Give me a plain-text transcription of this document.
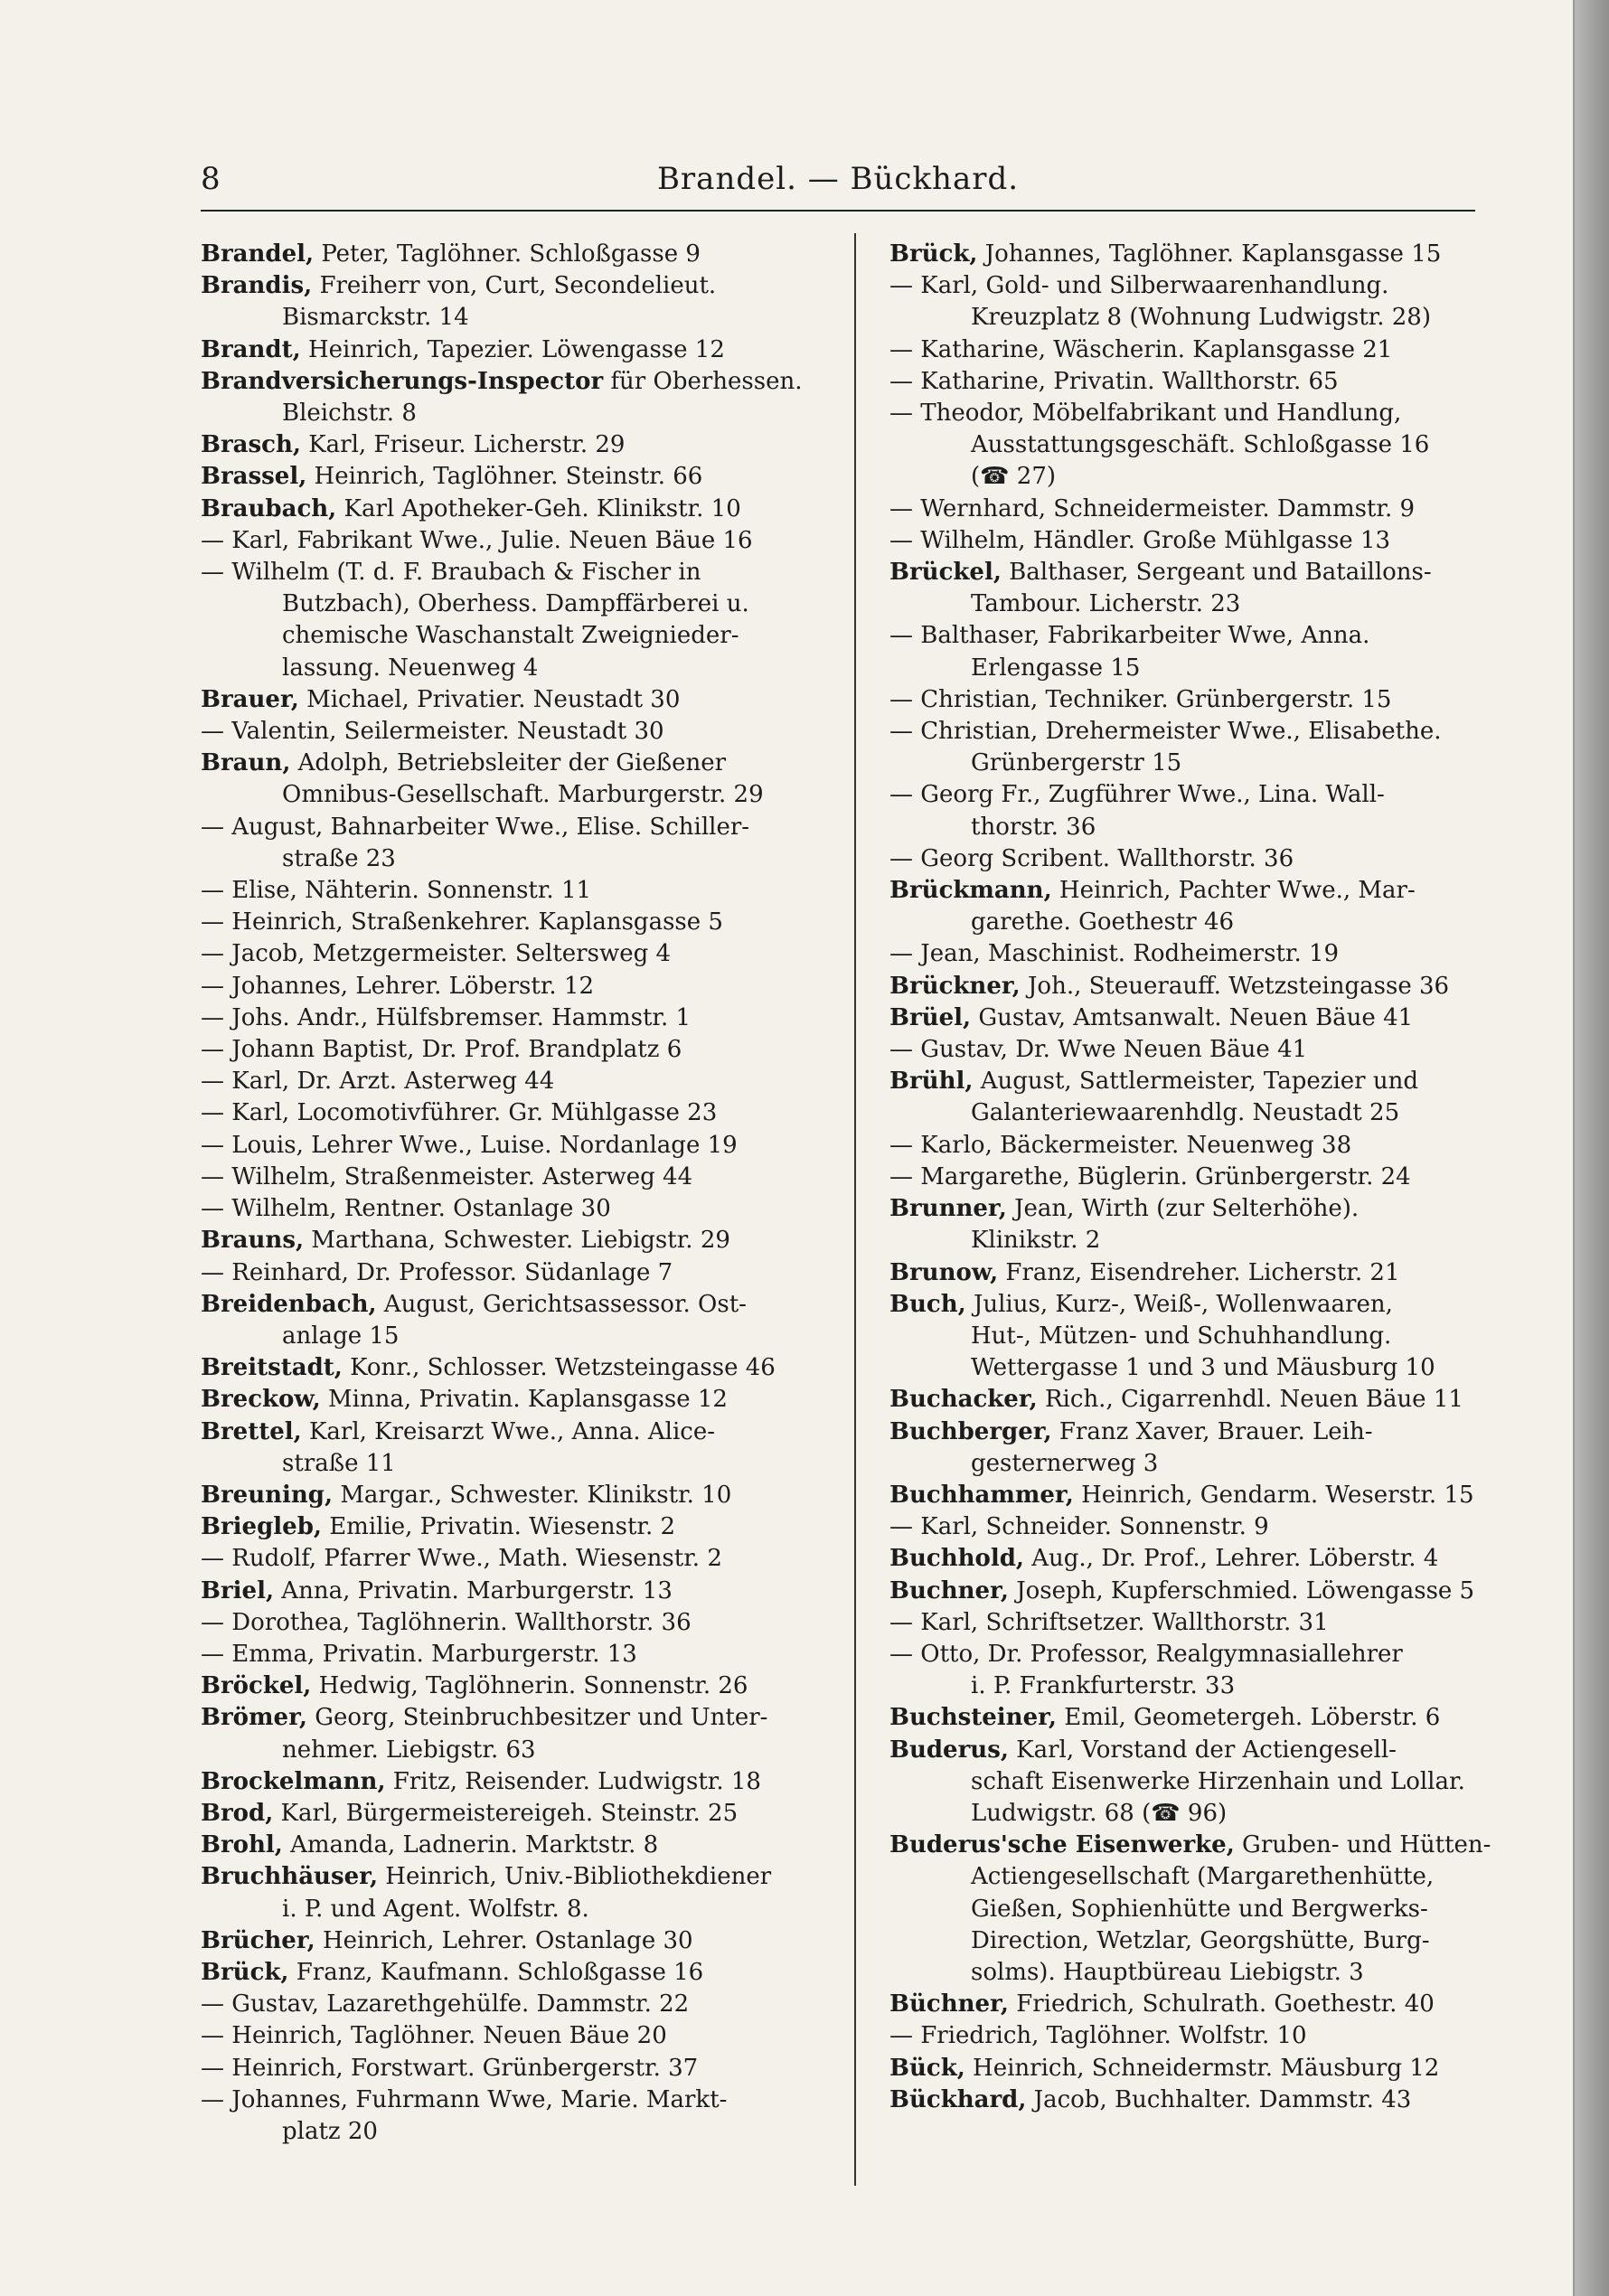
8	Brandel. — Bückhard.
Brandel, Peter, Taglöhner. Schloßgasse 9
Brandis, Freiherr von, Curt, Secondelieut.
Bismarckstr. 14
Brandt, Heinrich, Tapezier. Löwengasse 12
Brandversicherungs-Inspector für Oberhessen.
Bleichstr. 8
Brasch, Karl, Friseur. Licherstr. 29
Brassel, Heinrich, Taglöhner. Steinstr. 66
Braubach, Karl Apotheker-Geh. Klinikstr. 10
— Karl, Fabrikant Wwe., Julie. Neuen Bäue 16
— Wilhelm (T. d. F. Braubach & Fischer in
Butzbach), Oberhess. Dampffärberei u.
chemische Waschanstalt Zweignieder-
lassung. Neuenweg 4
Brauer, Michael, Privatier. Neustadt 30
— Valentin, Seilermeister. Neustadt 30
Braun, Adolph, Betriebsleiter der Gießener
Omnibus-Gesellschaft. Marburgerstr. 29
— August, Bahnarbeiter Wwe., Elise. Schiller-
straße 23
— Elise, Nähterin. Sonnenstr. 11
— Heinrich, Straßenkehrer. Kaplansgasse 5
— Jacob, Metzgermeister. Seltersweg 4
— Johannes, Lehrer. Löberstr. 12
— Johs. Andr., Hülfsbremser. Hammstr. 1
— Johann Baptist, Dr. Prof. Brandplatz 6
— Karl, Dr. Arzt. Asterweg 44
— Karl, Locomotivführer. Gr. Mühlgasse 23
— Louis, Lehrer Wwe., Luise. Nordanlage 19
— Wilhelm, Straßenmeister. Asterweg 44
— Wilhelm, Rentner. Ostanlage 30
Brauns, Marthana, Schwester. Liebigstr. 29
— Reinhard, Dr. Professor. Südanlage 7
Breidenbach, August, Gerichtsassessor. Ost-
anlage 15
Breitstadt, Konr., Schlosser. Wetzsteingasse 46
Breckow, Minna, Privatin. Kaplansgasse 12
Brettel, Karl, Kreisarzt Wwe., Anna. Alice-
straße 11
Breuning, Margar., Schwester. Klinikstr. 10
Briegleb, Emilie, Privatin. Wiesenstr. 2
— Rudolf, Pfarrer Wwe., Math. Wiesenstr. 2
Briel, Anna, Privatin. Marburgerstr. 13
— Dorothea, Taglöhnerin. Wallthorstr. 36
— Emma, Privatin. Marburgerstr. 13
Bröckel, Hedwig, Taglöhnerin. Sonnenstr. 26
Brömer, Georg, Steinbruchbesitzer und Unter-
nehmer. Liebigstr. 63
Brockelmann, Fritz, Reisender. Ludwigstr. 18
Brod, Karl, Bürgermeistereigeh. Steinstr. 25
Brohl, Amanda, Ladnerin. Marktstr. 8
Bruchhäuser, Heinrich, Univ.-Bibliothekdiener
i. P. und Agent. Wolfstr. 8.
Brücher, Heinrich, Lehrer. Ostanlage 30
Brück, Franz, Kaufmann. Schloßgasse 16
— Gustav, Lazarethgehülfe. Dammstr. 22
— Heinrich, Taglöhner. Neuen Bäue 20
— Heinrich, Forstwart. Grünbergerstr. 37
— Johannes, Fuhrmann Wwe, Marie. Markt-
platz 20
Brück, Johannes, Taglöhner. Kaplansgasse 15
— Karl, Gold- und Silberwaarenhandlung.
Kreuzplatz 8 (Wohnung Ludwigstr. 28)
— Katharine, Wäscherin. Kaplansgasse 21
— Katharine, Privatin. Wallthorstr. 65
— Theodor, Möbelfabrikant und Handlung,
Ausstattungsgeschäft. Schloßgasse 16
(☎ 27)
— Wernhard, Schneidermeister. Dammstr. 9
— Wilhelm, Händler. Große Mühlgasse 13
Brückel, Balthaser, Sergeant und Bataillons-
Tambour. Licherstr. 23
— Balthaser, Fabrikarbeiter Wwe, Anna.
Erlengasse 15
— Christian, Techniker. Grünbergerstr. 15
— Christian, Drehermeister Wwe., Elisabethe.
Grünbergerstr 15
— Georg Fr., Zugführer Wwe., Lina. Wall-
thorstr. 36
— Georg Scribent. Wallthorstr. 36
Brückmann, Heinrich, Pachter Wwe., Mar-
garethe. Goethestr 46
— Jean, Maschinist. Rodheimerstr. 19
Brückner, Joh., Steuerauff. Wetzsteingasse 36
Brüel, Gustav, Amtsanwalt. Neuen Bäue 41
— Gustav, Dr. Wwe Neuen Bäue 41
Brühl, August, Sattlermeister, Tapezier und
Galanteriewaarenhdlg. Neustadt 25
— Karlo, Bäckermeister. Neuenweg 38
— Margarethe, Büglerin. Grünbergerstr. 24
Brunner, Jean, Wirth (zur Selterhöhe).
Klinikstr. 2
Brunow, Franz, Eisendreher. Licherstr. 21
Buch, Julius, Kurz-, Weiß-, Wollenwaaren,
Hut-, Mützen- und Schuhhandlung.
Wettergasse 1 und 3 und Mäusburg 10
Buchacker, Rich., Cigarrenhdl. Neuen Bäue 11
Buchberger, Franz Xaver, Brauer. Leih-
gesternerweg 3
Buchhammer, Heinrich, Gendarm. Weserstr. 15
— Karl, Schneider. Sonnenstr. 9
Buchhold, Aug., Dr. Prof., Lehrer. Löberstr. 4
Buchner, Joseph, Kupferschmied. Löwengasse 5
— Karl, Schriftsetzer. Wallthorstr. 31
— Otto, Dr. Professor, Realgymnasiallehrer
i. P. Frankfurterstr. 33
Buchsteiner, Emil, Geometergeh. Löberstr. 6
Buderus, Karl, Vorstand der Actiengesell-
schaft Eisenwerke Hirzenhain und Lollar.
Ludwigstr. 68 (☎ 96)
Buderus'sche Eisenwerke, Gruben- und Hütten-
Actiengesellschaft (Margarethenhütte,
Gießen, Sophienhütte und Bergwerks-
Direction, Wetzlar, Georgshütte, Burg-
solms). Hauptbüreau Liebigstr. 3
Büchner, Friedrich, Schulrath. Goethestr. 40
— Friedrich, Taglöhner. Wolfstr. 10
Bück, Heinrich, Schneidermstr. Mäusburg 12
Bückhard, Jacob, Buchhalter. Dammstr. 43
